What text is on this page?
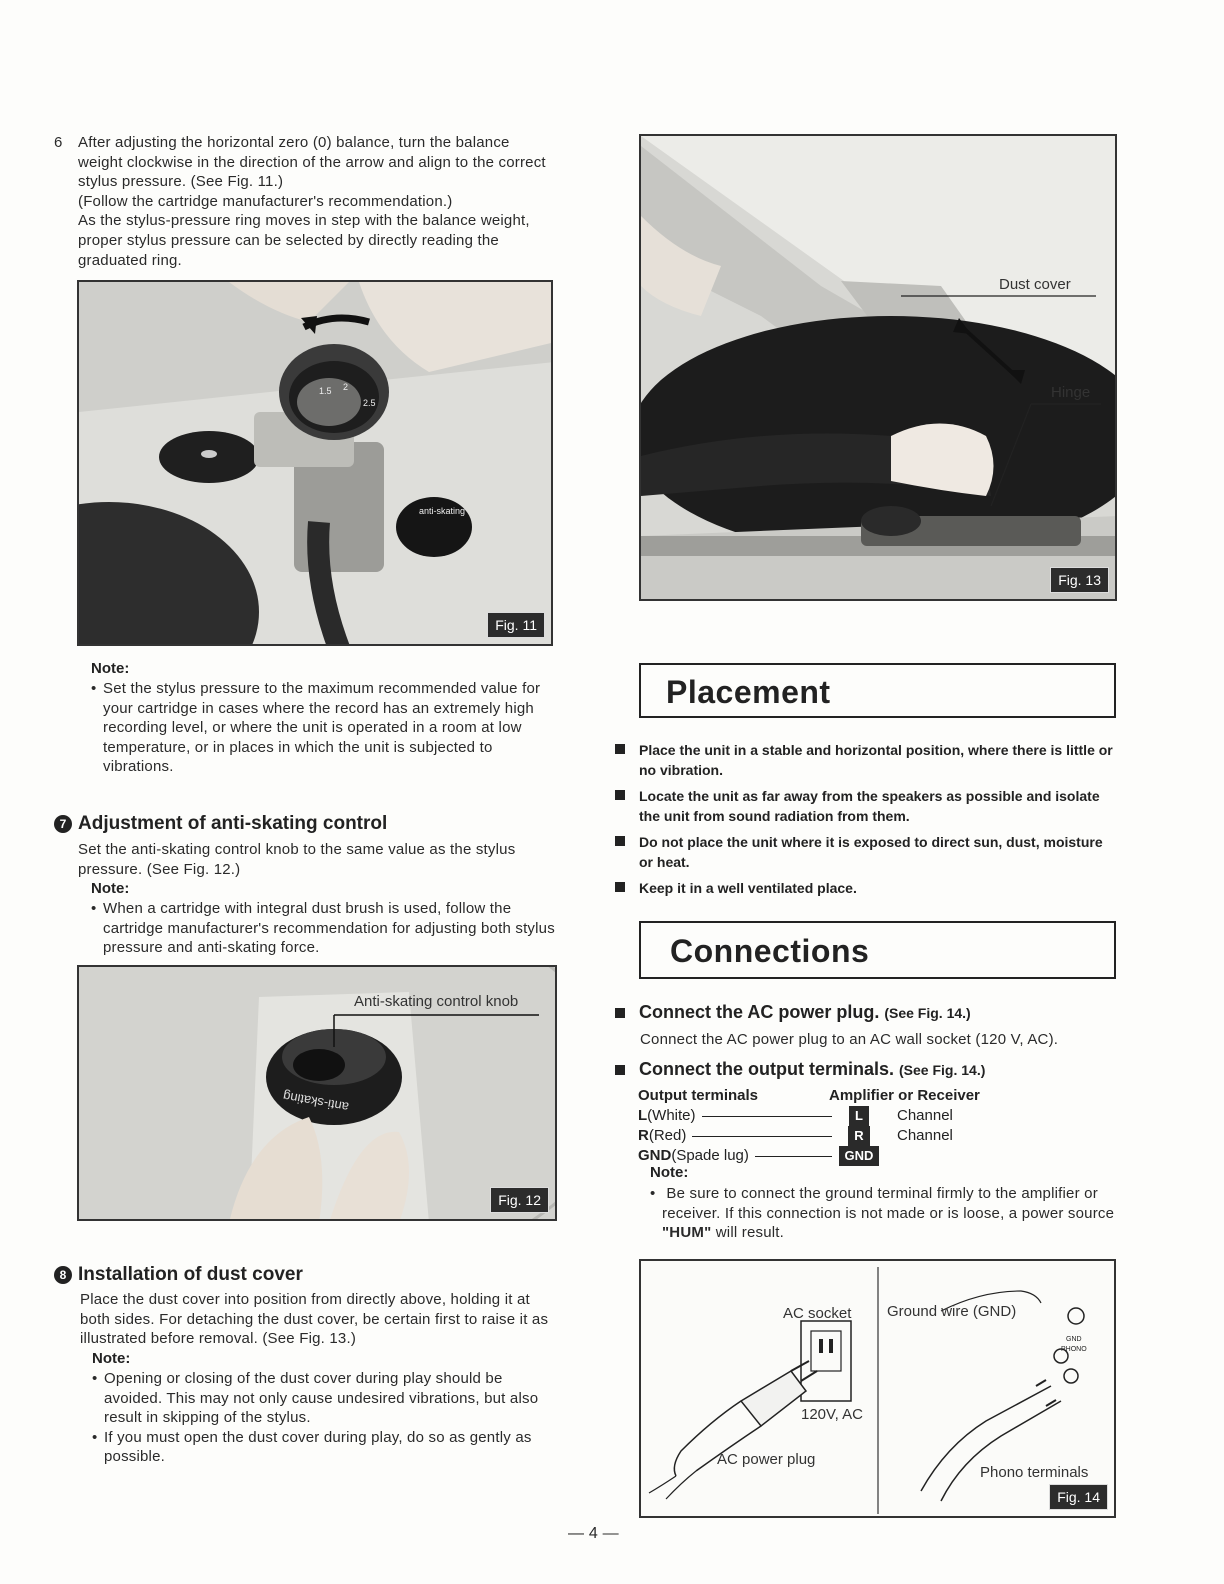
6 After adjusting the horizontal zero (0) balance, turn the balance weight clockwise in the direction of the arrow and align to the correct stylus pressure. (See Fig. 11.)
(Follow the cartridge manufacturer's recommendation.)
As the stylus-pressure ring moves in step with the balance weight, proper stylus pressure can be selected by directly reading the graduated ring.
anti-skating
1.5 2
2.5
Fig. 11
Note:
• Set the stylus pressure to the maximum recommended value for your cartridge in cases where the record has an extremely high recording level, or where the unit is operated in a room at low temperature, or in places in which the unit is subjected to vibrations.
7 Adjustment of anti-skating control
Set the anti-skating control knob to the same value as the stylus pressure. (See Fig. 12.)
Note:
• When a cartridge with integral dust brush is used, follow the cartridge manufacturer's recommendation for adjusting both stylus pressure and anti-skating force.
anti-skating
Anti-skating control knob
Fig. 12
8 Installation of dust cover
Place the dust cover into position from directly above, holding it at both sides. For detaching the dust cover, be certain first to raise it as illustrated before removal. (See Fig. 13.)
Note:
• Opening or closing of the dust cover during play should be avoided. This may not only cause undesired vibrations, but also result in skipping of the stylus.
• If you must open the dust cover during play, do so as gently as possible.
Dust cover
Hinge
Fig. 13
Placement
Place the unit in a stable and horizontal position, where there is little or no vibration.
Locate the unit as far away from the speakers as possible and isolate the unit from sound radiation from them.
Do not place the unit where it is exposed to direct sun, dust, moisture or heat.
Keep it in a well ventilated place.
Connections
Connect the AC power plug. (See Fig. 14.)
Connect the AC power plug to an AC wall socket (120 V, AC).
Connect the output terminals. (See Fig. 14.)
Output terminals	Amplifier or Receiver
L (White)	L	Channel
R (Red)	R	Channel
GND (Spade lug)	GND
Note:
• Be sure to connect the ground terminal firmly to the amplifier or receiver. If this connection is not made or is loose, a power source "HUM" will result.
GND
PHONO
AC socket
120V, AC
AC power plug
Ground wire (GND)
Phono terminals
Fig. 14
— 4 —
